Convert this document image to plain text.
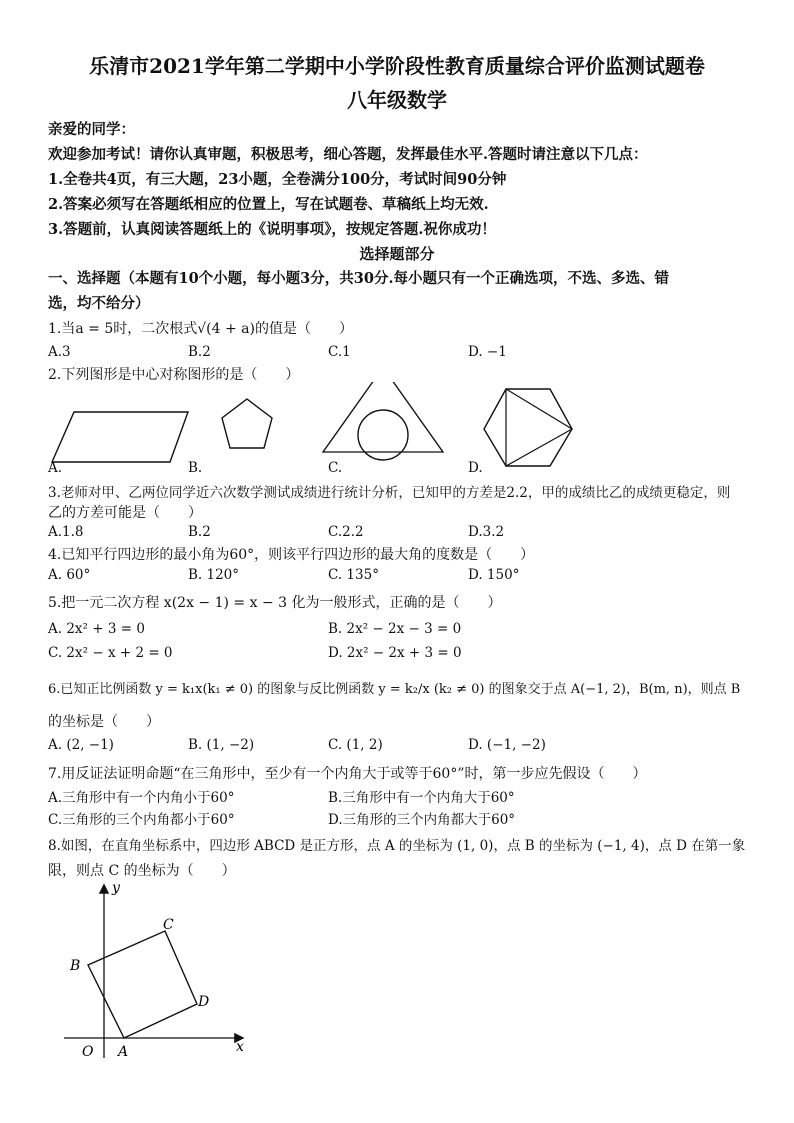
乐清市2021学年第二学期中小学阶段性教育质量综合评价监测试题卷
八年级数学
亲爱的同学：
欢迎参加考试！请你认真审题，积极思考，细心答题，发挥最佳水平.答题时请注意以下几点：
1.全卷共4页，有三大题，23小题，全卷满分100分，考试时间90分钟
2.答案必须写在答题纸相应的位置上，写在试题卷、草稿纸上均无效.
3.答题前，认真阅读答题纸上的《说明事项》，按规定答题.祝你成功！
选择题部分
一、选择题（本题有10个小题，每小题3分，共30分.每小题只有一个正确选项，不选、多选、错
选，均不给分）
1.当a = 5时，二次根式√(4 + a)的值是（　　）
A.3	B.2	C.1	D. −1
2.下列图形是中心对称图形的是（　　）
A.	B.	C.	D.
3.老师对甲、乙两位同学近六次数学测试成绩进行统计分析，已知甲的方差是2.2，甲的成绩比乙的成绩更稳定，则
乙的方差可能是（　　）
A.1.8	B.2	C.2.2	D.3.2
4.已知平行四边形的最小角为60°，则该平行四边形的最大角的度数是（　　）
A. 60°	B. 120°	C. 135°	D. 150°
5.把一元二次方程 x(2x − 1) = x − 3 化为一般形式，正确的是（　　）
A. 2x² + 3 = 0	B. 2x² − 2x − 3 = 0
C. 2x² − x + 2 = 0	D. 2x² − 2x + 3 = 0
6.已知正比例函数 y = k₁x(k₁ ≠ 0) 的图象与反比例函数 y = k₂/x (k₂ ≠ 0) 的图象交于点 A(−1, 2)，B(m, n)，则点 B
的坐标是（　　）
A. (2, −1)	B. (1, −2)	C. (1, 2)	D. (−1, −2)
7.用反证法证明命题“在三角形中，至少有一个内角大于或等于60°”时，第一步应先假设（　　）
A.三角形中有一个内角小于60°	B.三角形中有一个内角大于60°
C.三角形的三个内角都小于60°	D.三角形的三个内角都大于60°
8.如图，在直角坐标系中，四边形 ABCD 是正方形，点 A 的坐标为 (1, 0)，点 B 的坐标为 (−1, 4)，点 D 在第一象
限，则点 C 的坐标为（　　）
y
x
O A
B
C
D
